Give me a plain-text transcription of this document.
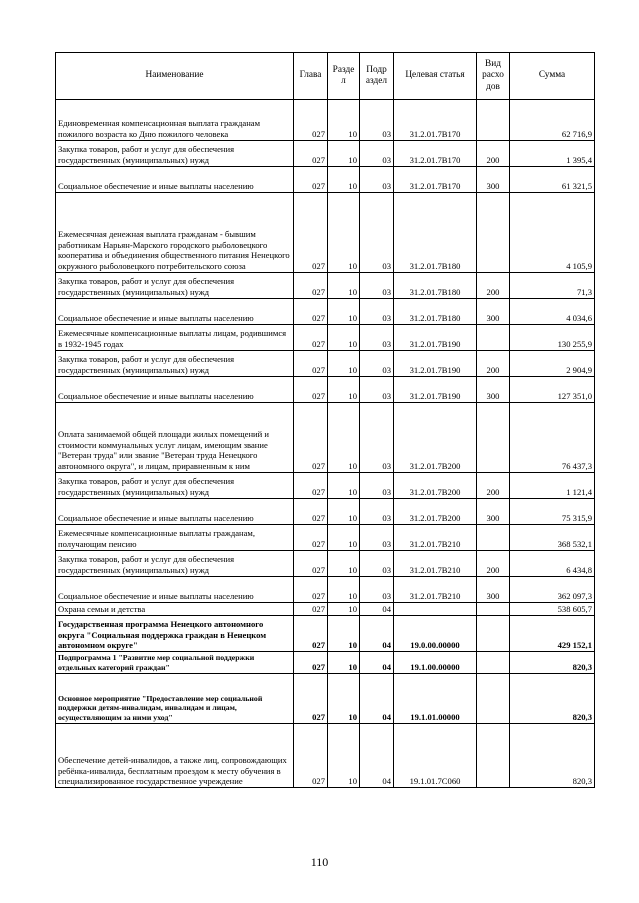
Наименование	Глава	Разде л	Подр аздел	Целевая статья	Вид расхо дов	Сумма
Единовременная компенсационная выплата гражданам пожилого возраста ко Дню пожилого человека	027	10	03	31.2.01.7В170		62 716,9
Закупка товаров, работ и услуг для обеспечения государственных (муниципальных) нужд	027	10	03	31.2.01.7В170	200	1 395,4
Социальное обеспечение и иные выплаты населению	027	10	03	31.2.01.7В170	300	61 321,5
Ежемесячная денежная выплата гражданам - бывшим работникам Нарьян-Марского городского рыболовецкого кооператива и объединения общественного питания Ненецкого окружного рыболовецкого потребительского союза	027	10	03	31.2.01.7В180		4 105,9
Закупка товаров, работ и услуг для обеспечения государственных (муниципальных) нужд	027	10	03	31.2.01.7В180	200	71,3
Социальное обеспечение и иные выплаты населению	027	10	03	31.2.01.7В180	300	4 034,6
Ежемесячные компенсационные выплаты лицам, родившимся в 1932-1945 годах	027	10	03	31.2.01.7В190		130 255,9
Закупка товаров, работ и услуг для обеспечения государственных (муниципальных) нужд	027	10	03	31.2.01.7В190	200	2 904,9
Социальное обеспечение и иные выплаты населению	027	10	03	31.2.01.7В190	300	127 351,0
Оплата занимаемой общей площади жилых помещений и стоимости коммунальных услуг лицам, имеющим звание "Ветеран труда" или звание "Ветеран труда Ненецкого автономного округа", и лицам, приравненным к ним	027	10	03	31.2.01.7В200		76 437,3
Закупка товаров, работ и услуг для обеспечения государственных (муниципальных) нужд	027	10	03	31.2.01.7В200	200	1 121,4
Социальное обеспечение и иные выплаты населению	027	10	03	31.2.01.7В200	300	75 315,9
Ежемесячные компенсационные выплаты гражданам, получающим пенсию	027	10	03	31.2.01.7В210		368 532,1
Закупка товаров, работ и услуг для обеспечения государственных (муниципальных) нужд	027	10	03	31.2.01.7В210	200	6 434,8
Социальное обеспечение и иные выплаты населению	027	10	03	31.2.01.7В210	300	362 097,3
Охрана семьи и детства	027	10	04			538 605,7
Государственная программа Ненецкого автономного округа "Социальная поддержка граждан в Ненецком автономном округе"	027	10	04	19.0.00.00000		429 152,1
Подпрограмма 1 "Развитие мер социальной поддержки отдельных категорий граждан"	027	10	04	19.1.00.00000		820,3
Основное мероприятие "Предоставление мер социальной поддержки детям-инвалидам, инвалидам и лицам, осуществляющим за ними уход"	027	10	04	19.1.01.00000		820,3
Обеспечение детей-инвалидов, а также лиц, сопровождающих ребёнка-инвалида, бесплатным проездом к месту обучения в специализированное государственное учреждение	027	10	04	19.1.01.7С060		820,3
110
